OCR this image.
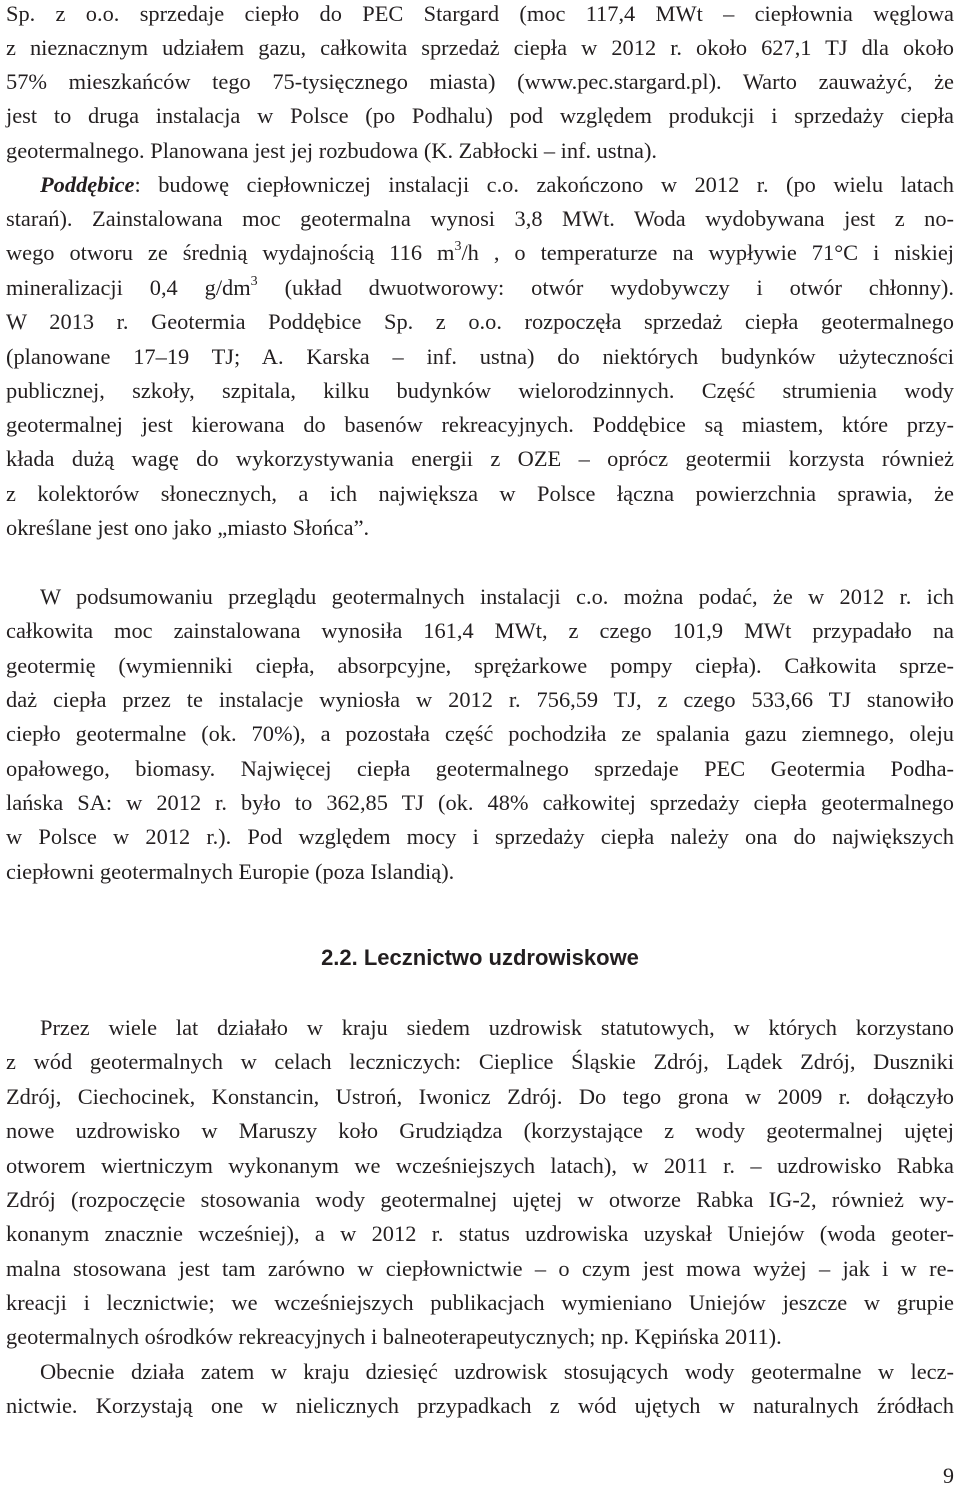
Sp. z o.o. sprzedaje ciepło do PEC Stargard (moc 117,4 MWt – ciepłownia węglowa
z nieznacznym udziałem gazu, całkowita sprzedaż ciepła w 2012 r. około 627,1 TJ dla około
57% mieszkańców tego 75-tysięcznego miasta) (www.pec.stargard.pl). Warto zauważyć, że
jest to druga instalacja w Polsce (po Podhalu) pod względem produkcji i sprzedaży ciepła
geotermalnego. Planowana jest jej rozbudowa (K. Zabłocki – inf. ustna).
Poddębice: budowę ciepłowniczej instalacji c.o. zakończono w 2012 r. (po wielu latach
starań). Zainstalowana moc geotermalna wynosi 3,8 MWt. Woda wydobywana jest z no-
wego otworu ze średnią wydajnością 116 $m^3/h$ , o temperaturze na wypływie 71°C i niskiej
mineralizacji 0,4 $g/dm^3$ (układ dwuotworowy: otwór wydobywczy i otwór chłonny).
W 2013 r. Geotermia Poddębice Sp. z o.o. rozpoczęła sprzedaż ciepła geotermalnego
(planowane 17–19 TJ; A. Karska – inf. ustna) do niektórych budynków użyteczności
publicznej, szkoły, szpitala, kilku budynków wielorodzinnych. Część strumienia wody
geotermalnej jest kierowana do basenów rekreacyjnych. Poddębice są miastem, które przy-
kłada dużą wagę do wykorzystywania energii z OZE – oprócz geotermii korzysta również
z kolektorów słonecznych, a ich największa w Polsce łączna powierzchnia sprawia, że
określane jest ono jako „miasto Słońca”.
W podsumowaniu przeglądu geotermalnych instalacji c.o. można podać, że w 2012 r. ich
całkowita moc zainstalowana wynosiła 161,4 MWt, z czego 101,9 MWt przypadało na
geotermię (wymienniki ciepła, absorpcyjne, sprężarkowe pompy ciepła). Całkowita sprze-
daż ciepła przez te instalacje wyniosła w 2012 r. 756,59 TJ, z czego 533,66 TJ stanowiło
ciepło geotermalne (ok. 70%), a pozostała część pochodziła ze spalania gazu ziemnego, oleju
opałowego, biomasy. Najwięcej ciepła geotermalnego sprzedaje PEC Geotermia Podha-
lańska SA: w 2012 r. było to 362,85 TJ (ok. 48% całkowitej sprzedaży ciepła geotermalnego
w Polsce w 2012 r.). Pod względem mocy i sprzedaży ciepła należy ona do największych
ciepłowni geotermalnych Europie (poza Islandią).
Przez wiele lat działało w kraju siedem uzdrowisk statutowych, w których korzystano
z wód geotermalnych w celach leczniczych: Cieplice Śląskie Zdrój, Lądek Zdrój, Duszniki
Zdrój, Ciechocinek, Konstancin, Ustroń, Iwonicz Zdrój. Do tego grona w 2009 r. dołączyło
nowe uzdrowisko w Maruszy koło Grudziądza (korzystające z wody geotermalnej ujętej
otworem wiertniczym wykonanym we wcześniejszych latach), w 2011 r. – uzdrowisko Rabka
Zdrój (rozpoczęcie stosowania wody geotermalnej ujętej w otworze Rabka IG-2, również wy-
konanym znacznie wcześniej), a w 2012 r. status uzdrowiska uzyskał Uniejów (woda geoter-
malna stosowana jest tam zarówno w ciepłownictwie – o czym jest mowa wyżej – jak i w re-
kreacji i lecznictwie; we wcześniejszych publikacjach wymieniano Uniejów jeszcze w grupie
geotermalnych ośrodków rekreacyjnych i balneoterapeutycznych; np. Kępińska 2011).
Obecnie działa zatem w kraju dziesięć uzdrowisk stosujących wody geotermalne w lecz-
nictwie. Korzystają one w nielicznych przypadkach z wód ujętych w naturalnych źródłach
2.2. Lecznictwo uzdrowiskowe
9
